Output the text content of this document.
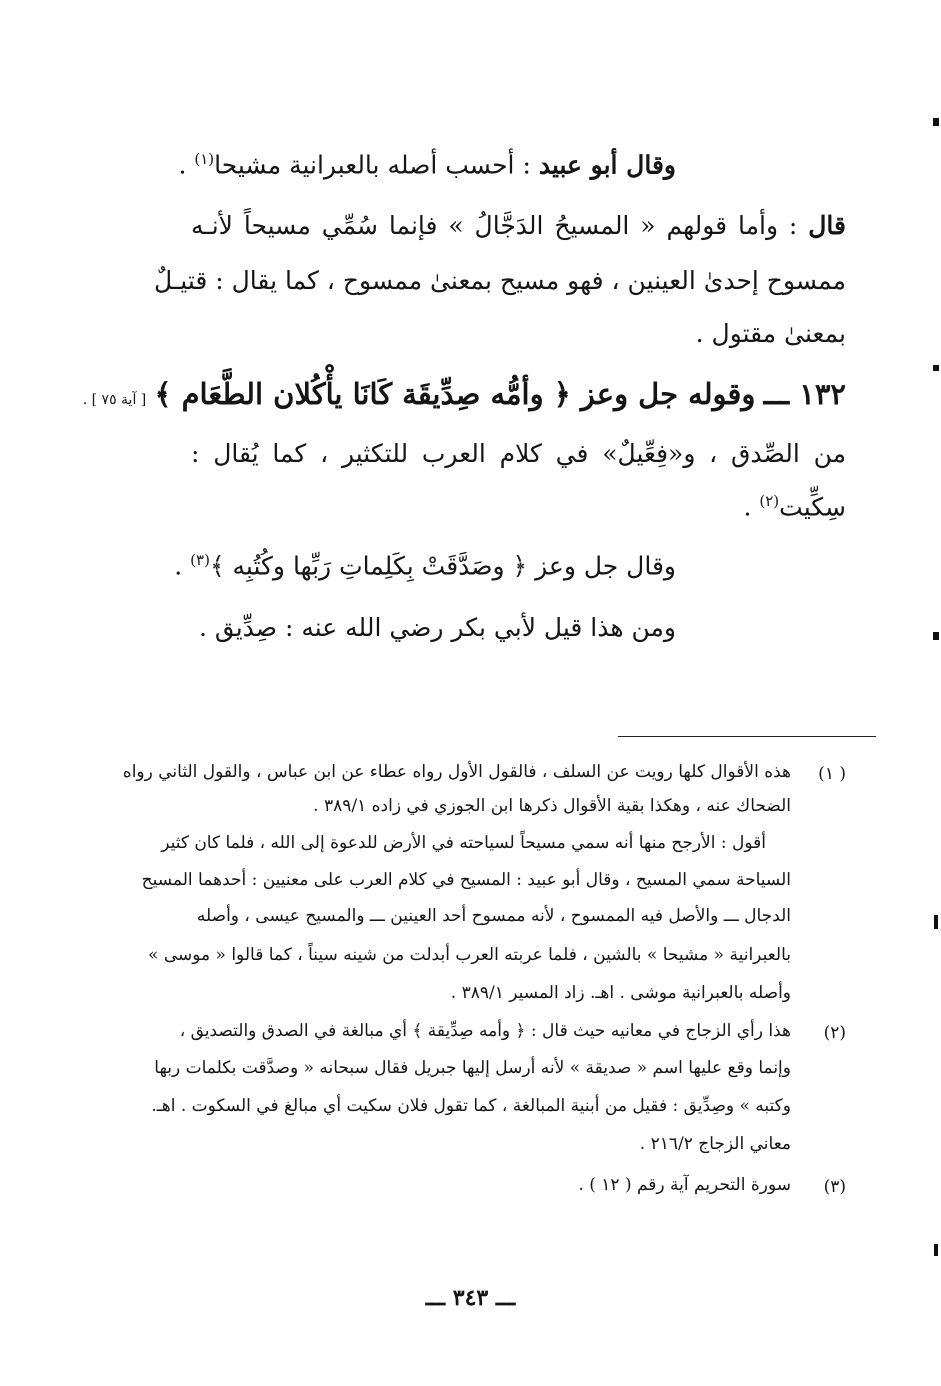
وقال أبو عبيد : أحسب أصله بالعبرانية مشيحا$^{(١)}$ .
قال : وأما قولهم « المسيحُ الدَجَّالُ » فإنما سُمِّي مسيحاً لأنـه
ممسوح إحدىٰ العينين ، فهو مسيح بمعنىٰ ممسوح ، كما يقال : قتيـلٌ
بمعنىٰ مقتول .
١٣٢ ـــ وقوله جل وعز ﴿ وأمُّه صِدِّيقَة كَانَا يأْكُلان الطَّعَام ﴾ [ آية ٧٥ ] .
من الصِّدق ، و«فِعِّيلٌ» في كلام العرب للتكثير ، كما يُقال :
سِكِّيت$^{(٢)}$ .
وقال جل وعز ﴿ وصَدَّقَتْ بِكَلِماتِ رَبِّها وكُتُبِه ﴾$^{(٣)}$ .
ومن هذا قيل لأبي بكر رضي الله عنه : صِدِّيق .
( ١)
هذه الأقوال كلها رويت عن السلف ، فالقول الأول رواه عطاء عن ابن عباس ، والقول الثاني رواه
الضحاك عنه ، وهكذا بقية الأقوال ذكرها ابن الجوزي في زاده ٣٨٩/١ .
أقول : الأرجح منها أنه سمي مسيحاً لسياحته في الأرض للدعوة إلى الله ، فلما كان كثير
السياحة سمي المسيح ، وقال أبو عبيد : المسيح في كلام العرب على معنيين : أحدهما المسيح
الدجال ـــ والأصل فيه الممسوح ، لأنه ممسوح أحد العينين ـــ والمسيح عيسى ، وأصله
بالعبرانية « مشيحا » بالشين ، فلما عربته العرب أبدلت من شينه سيناً ، كما قالوا « موسى »
وأصله بالعبرانية موشى . اهـ. زاد المسير ٣٨٩/١ .
(٢)
هذا رأي الزجاج في معانيه حيث قال : ﴿ وأمه صِدِّيقة ﴾ أي مبالغة في الصدق والتصديق ،
وإنما وقع عليها اسم « صديقة » لأنه أرسل إليها جبريل فقال سبحانه « وصدَّقت بكلمات ربها
وكتبه » وصِدِّيق : فقيل من أبنية المبالغة ، كما تقول فلان سكيت أي مبالغ في السكوت . اهـ.
معاني الزجاج ٢١٦/٢ .
(٣)
سورة التحريم آية رقم ( ١٢ ) .
ـــ ٣٤٣ ـــ
